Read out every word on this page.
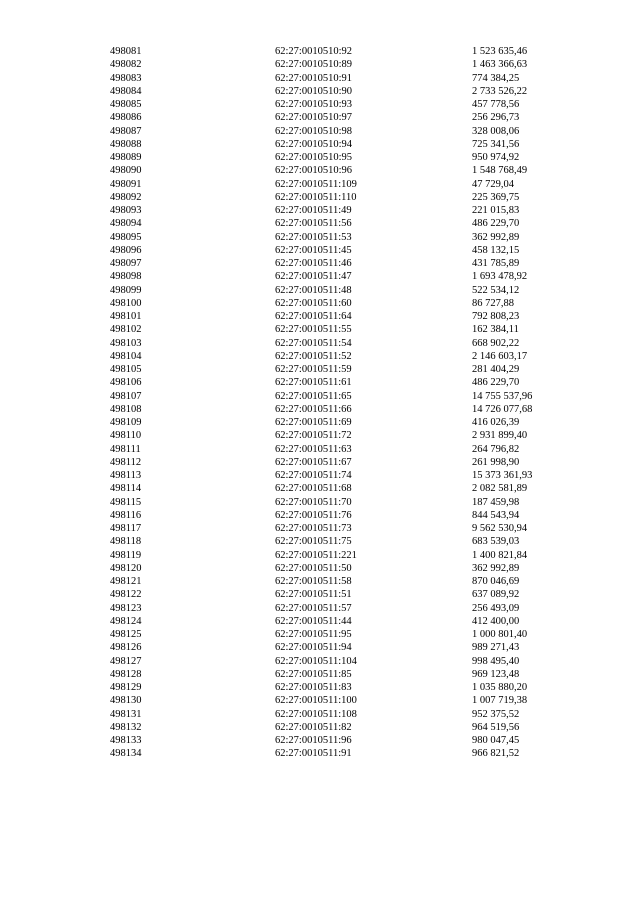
498081	62:27:0010510:92	1 523 635,46
498082	62:27:0010510:89	1 463 366,63
498083	62:27:0010510:91	774 384,25
498084	62:27:0010510:90	2 733 526,22
498085	62:27:0010510:93	457 778,56
498086	62:27:0010510:97	256 296,73
498087	62:27:0010510:98	328 008,06
498088	62:27:0010510:94	725 341,56
498089	62:27:0010510:95	950 974,92
498090	62:27:0010510:96	1 548 768,49
498091	62:27:0010511:109	47 729,04
498092	62:27:0010511:110	225 369,75
498093	62:27:0010511:49	221 015,83
498094	62:27:0010511:56	486 229,70
498095	62:27:0010511:53	362 992,89
498096	62:27:0010511:45	458 132,15
498097	62:27:0010511:46	431 785,89
498098	62:27:0010511:47	1 693 478,92
498099	62:27:0010511:48	522 534,12
498100	62:27:0010511:60	86 727,88
498101	62:27:0010511:64	792 808,23
498102	62:27:0010511:55	162 384,11
498103	62:27:0010511:54	668 902,22
498104	62:27:0010511:52	2 146 603,17
498105	62:27:0010511:59	281 404,29
498106	62:27:0010511:61	486 229,70
498107	62:27:0010511:65	14 755 537,96
498108	62:27:0010511:66	14 726 077,68
498109	62:27:0010511:69	416 026,39
498110	62:27:0010511:72	2 931 899,40
498111	62:27:0010511:63	264 796,82
498112	62:27:0010511:67	261 998,90
498113	62:27:0010511:74	15 373 361,93
498114	62:27:0010511:68	2 082 581,89
498115	62:27:0010511:70	187 459,98
498116	62:27:0010511:76	844 543,94
498117	62:27:0010511:73	9 562 530,94
498118	62:27:0010511:75	683 539,03
498119	62:27:0010511:221	1 400 821,84
498120	62:27:0010511:50	362 992,89
498121	62:27:0010511:58	870 046,69
498122	62:27:0010511:51	637 089,92
498123	62:27:0010511:57	256 493,09
498124	62:27:0010511:44	412 400,00
498125	62:27:0010511:95	1 000 801,40
498126	62:27:0010511:94	989 271,43
498127	62:27:0010511:104	998 495,40
498128	62:27:0010511:85	969 123,48
498129	62:27:0010511:83	1 035 880,20
498130	62:27:0010511:100	1 007 719,38
498131	62:27:0010511:108	952 375,52
498132	62:27:0010511:82	964 519,56
498133	62:27:0010511:96	980 047,45
498134	62:27:0010511:91	966 821,52
